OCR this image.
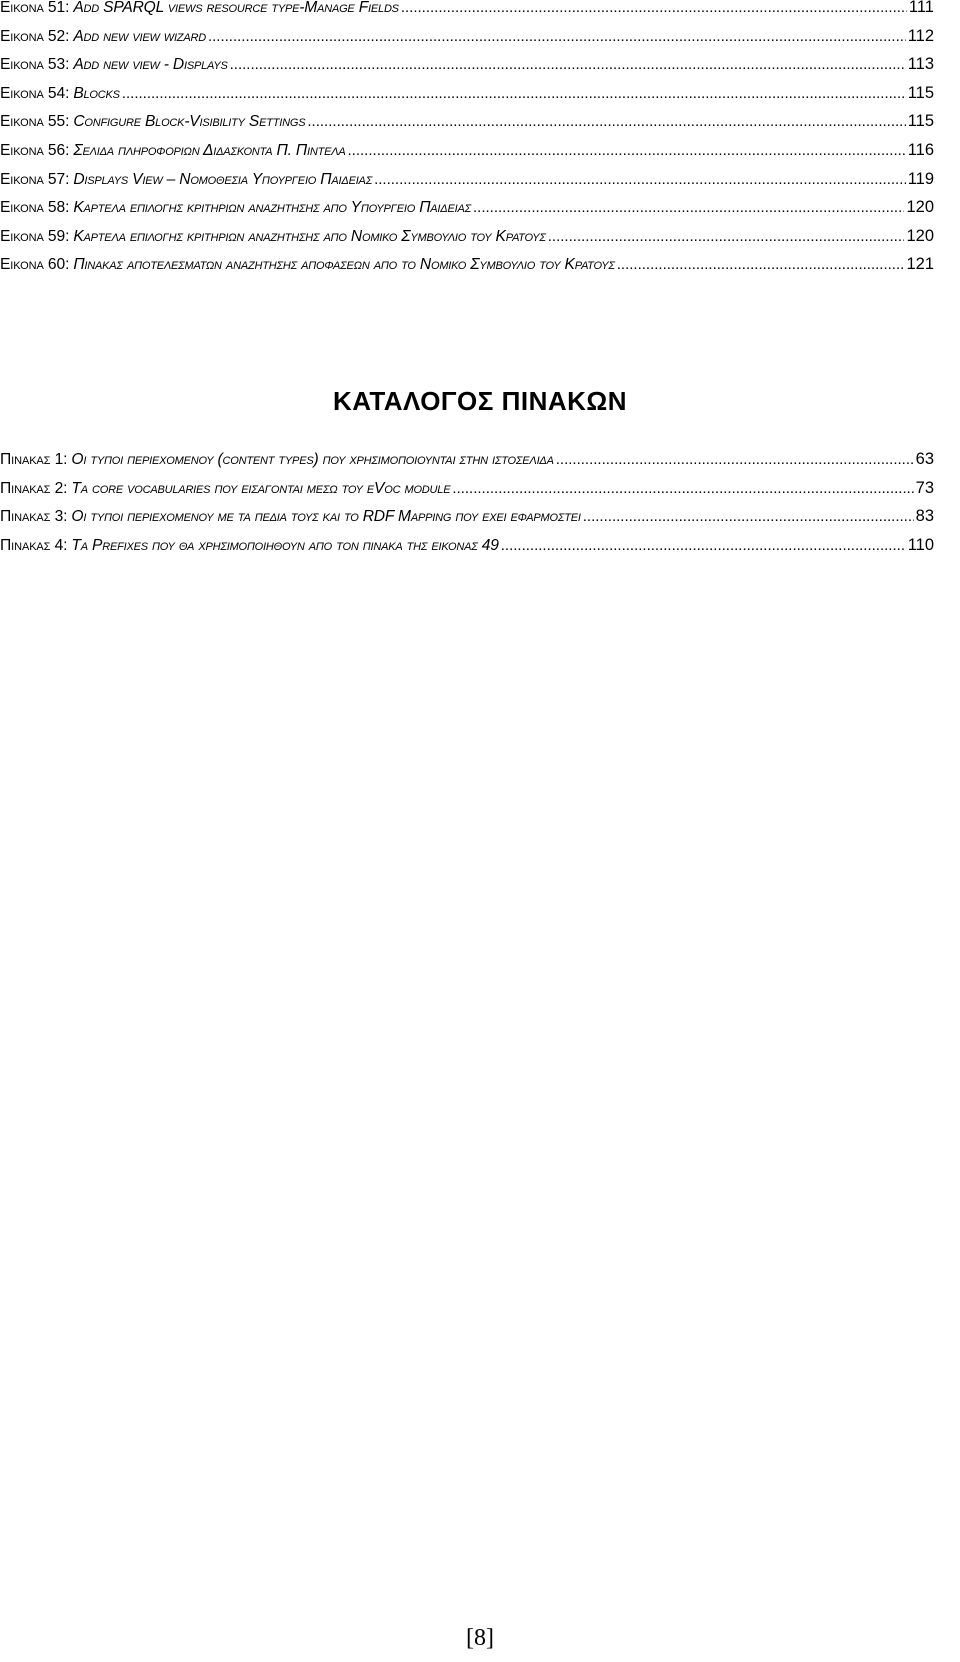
Εικονα 51: Add SPARQL views resource type-Manage Fields .....	111
Εικονα 52: Add new view wizard .....	112
Εικονα 53: Add new view - Displays .....	113
Εικονα 54: Blocks .....	115
Εικονα 55: Configure Block-Visibility Settings .....	115
Εικονα 56: Σελιδα πληροφοριων Διδασκοντα Π. Πιντελα .....	116
Εικονα 57: Displays View – Νομοθεσια Υπουργειο Παιδειας .....	119
Εικονα 58: Καρτελα επιλογης κριτηριων αναζητησης απο Υπουργειο Παιδειας .....	120
Εικονα 59: Καρτελα επιλογης κριτηριων αναζητησης απο Νομικο Συμβουλιο του Κρατους .....	120
Εικονα 60: Πινακας αποτελεσματων αναζητησης αποφασεων απο το Νομικο Συμβουλιο του Κρατους .....	121
ΚΑΤΑΛΟΓΟΣ ΠΙΝΑΚΩΝ
Πινακας 1: Οι τυποι περιεχομενου (content types) που χρησιμοποιουνται στην ιστοσελιδα .....	63
Πινακας 2: Τα core vocabularies που εισαγονται μεσω του eVoc module .....	73
Πινακας 3: Οι τυποι περιεχομενου με τα πεδια τους και το RDF Mapping που εχει εφαρμοστει .....	83
Πινακας 4: Τα Prefixes που θα χρησιμοποιηθουν απο τον πινακα της εικονας 49 .....	110
[8]
